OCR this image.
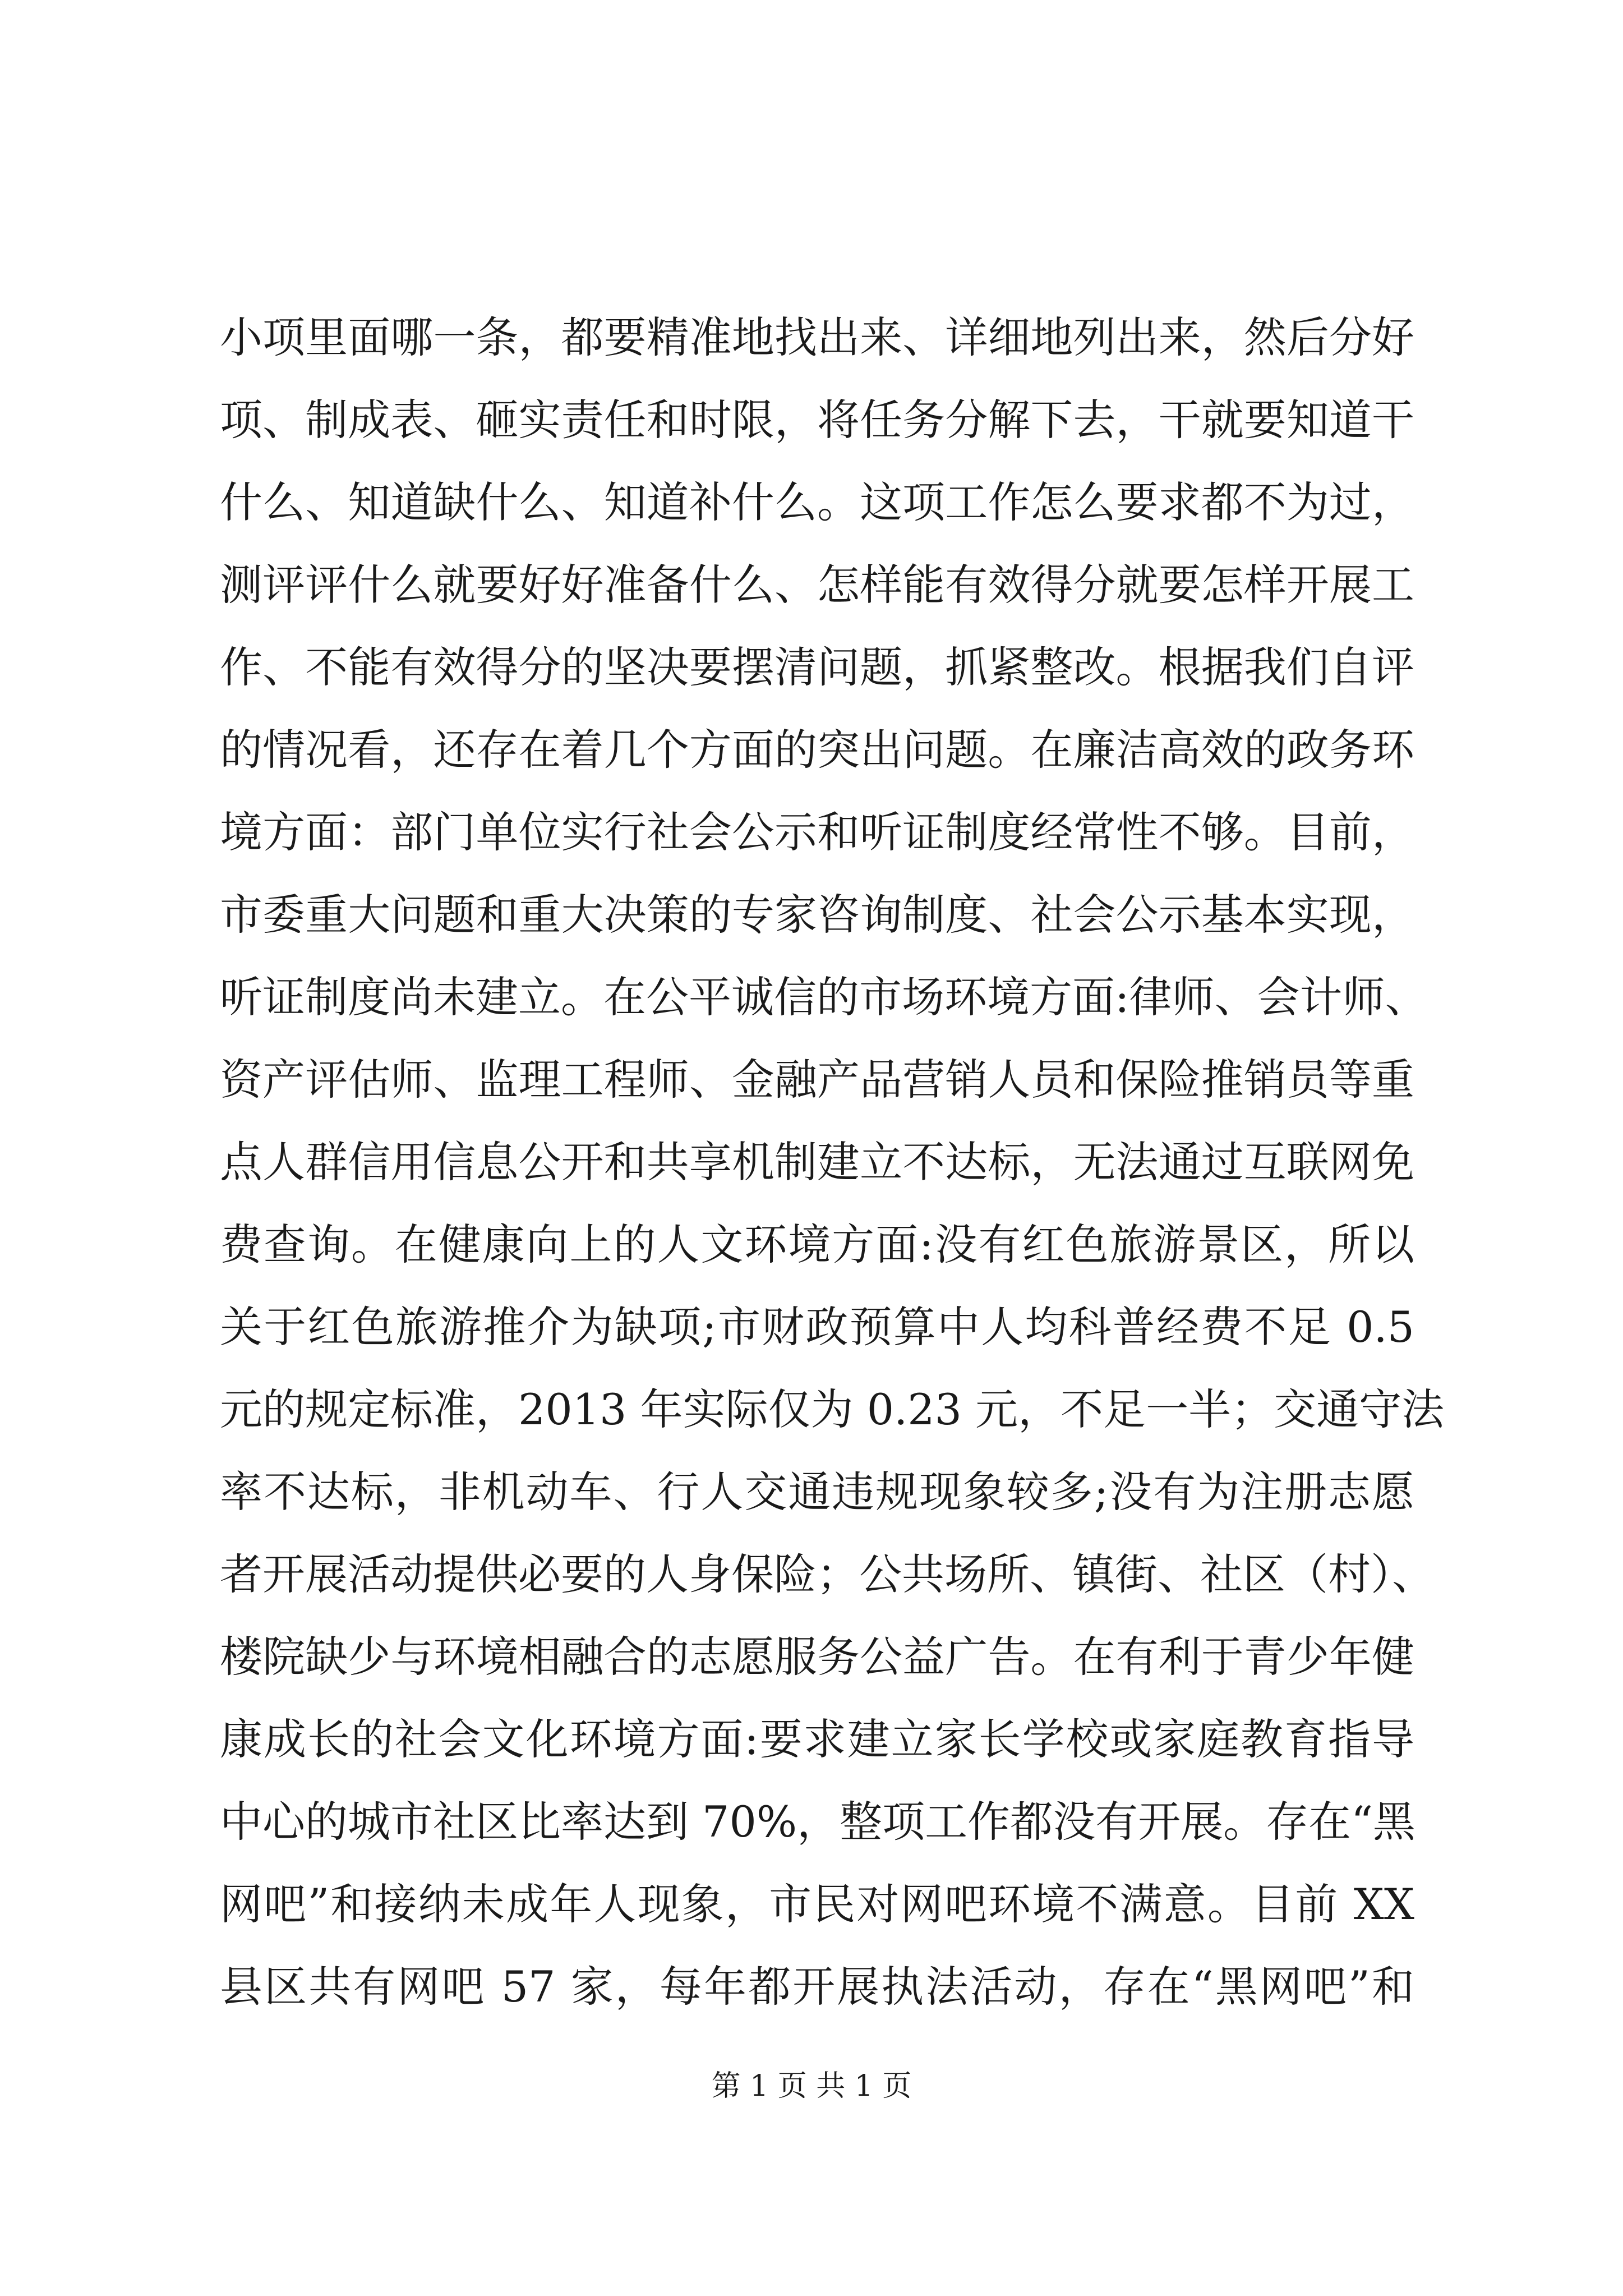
小项里面哪一条，都要精准地找出来、详细地列出来，然后分好
项、制成表、砸实责任和时限，将任务分解下去，干就要知道干
什么、知道缺什么、知道补什么。这项工作怎么要求都不为过，
测评评什么就要好好准备什么、怎样能有效得分就要怎样开展工
作、不能有效得分的坚决要摆清问题，抓紧整改。根据我们自评
的情况看，还存在着几个方面的突出问题。在廉洁高效的政务环
境方面：部门单位实行社会公示和听证制度经常性不够。目前，
市委重大问题和重大决策的专家咨询制度、社会公示基本实现，
听证制度尚未建立。在公平诚信的市场环境方面:律师、会计师、
资产评估师、监理工程师、金融产品营销人员和保险推销员等重
点人群信用信息公开和共享机制建立不达标，无法通过互联网免
费查询。在健康向上的人文环境方面:没有红色旅游景区，所以
关于红色旅游推介为缺项;市财政预算中人均科普经费不足 0.5
元的规定标准，2013 年实际仅为 0.23 元，不足一半；交通守法
率不达标，非机动车、行人交通违规现象较多;没有为注册志愿
者开展活动提供必要的人身保险；公共场所、镇街、社区（村）、
楼院缺少与环境相融合的志愿服务公益广告。在有利于青少年健
康成长的社会文化环境方面:要求建立家长学校或家庭教育指导
中心的城市社区比率达到 70%，整项工作都没有开展。存在“黑
网吧”和接纳未成年人现象，市民对网吧环境不满意。目前 XX
县区共有网吧 57 家，每年都开展执法活动，存在“黑网吧”和
第 1 页 共 1 页
